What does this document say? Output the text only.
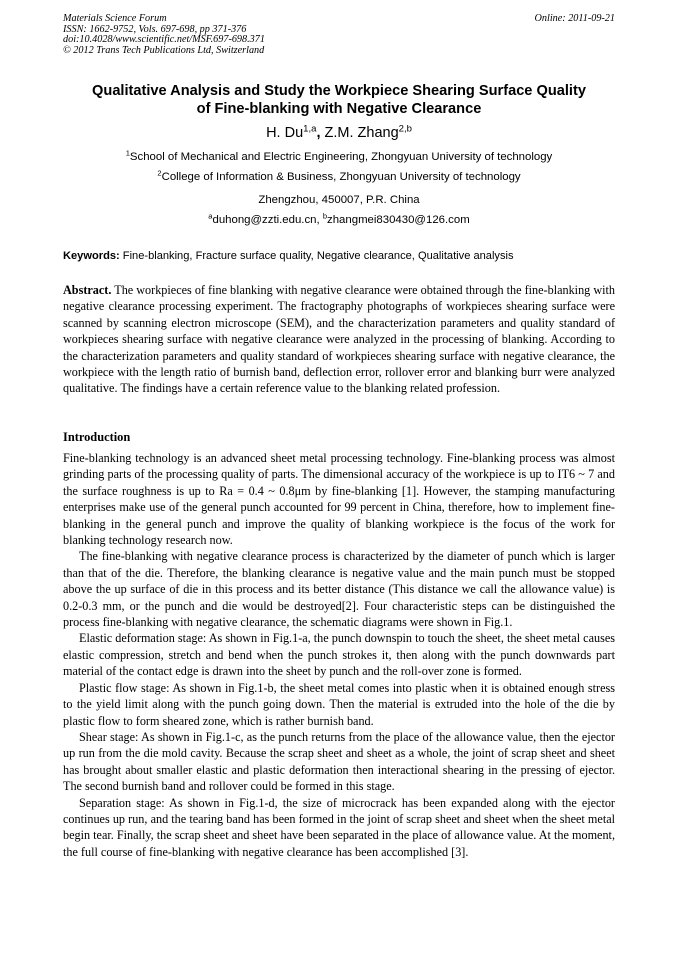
Materials Science Forum
ISSN: 1662-9752, Vols. 697-698, pp 371-376
doi:10.4028/www.scientific.net/MSF.697-698.371
© 2012 Trans Tech Publications Ltd, Switzerland
Online: 2011-09-21
Qualitative Analysis and Study the Workpiece Shearing Surface Quality
of Fine-blanking with Negative Clearance
H. Du$^{1,a}$, Z.M. Zhang$^{2,b}$
$^1$School of Mechanical and Electric Engineering, Zhongyuan University of technology
$^2$College of Information & Business, Zhongyuan University of technology
Zhengzhou, 450007, P.R. China
$^a$duhong@zzti.edu.cn, $^b$zhangmei830430@126.com
Keywords: Fine-blanking, Fracture surface quality, Negative clearance, Qualitative analysis

Abstract. The workpieces of fine blanking with negative clearance were obtained through the fine-blanking with negative clearance processing experiment. The fractography photographs of workpieces shearing surface were scanned by scanning electron microscope (SEM), and the characterization parameters and quality standard of workpieces shearing surface with negative clearance were analyzed in the processing of blanking. According to the characterization parameters and quality standard of workpieces shearing surface with negative clearance, the workpiece with the length ratio of burnish band, deflection error, rollover error and blanking burr were analyzed qualitative. The findings have a certain reference value to the blanking related profession.

Introduction

Fine-blanking technology is an advanced sheet metal processing technology. Fine-blanking process was almost grinding parts of the processing quality of parts. The dimensional accuracy of the workpiece is up to IT6 ~ 7 and the surface roughness is up to Ra = 0.4 ~ 0.8μm by fine-blanking [1]. However, the stamping manufacturing enterprises make use of the general punch accounted for 99 percent in China, therefore, how to implement fine-blanking in the general punch and improve the quality of blanking workpiece is the focus of the work for blanking technology research now.

The fine-blanking with negative clearance process is characterized by the diameter of punch which is larger than that of the die. Therefore, the blanking clearance is negative value and the main punch must be stopped above the up surface of die in this process and its better distance (This distance we call the allowance value) is 0.2-0.3 mm, or the punch and die would be destroyed[2]. Four characteristic steps can be distinguished the process fine-blanking with negative clearance, the schematic diagrams were shown in Fig.1.

Elastic deformation stage: As shown in Fig.1-a, the punch downspin to touch the sheet, the sheet metal causes elastic compression, stretch and bend when the punch strokes it, then along with the punch downwards part material of the contact edge is drawn into the sheet by punch and the roll-over zone is formed.

Plastic flow stage: As shown in Fig.1-b, the sheet metal comes into plastic when it is obtained enough stress to the yield limit along with the punch going down. Then the material is extruded into the hole of the die by plastic flow to form sheared zone, which is rather burnish band.

Shear stage: As shown in Fig.1-c, as the punch returns from the place of the allowance value, then the ejector up run from the die mold cavity. Because the scrap sheet and sheet as a whole, the joint of scrap sheet and sheet has brought about smaller elastic and plastic deformation then interactional shearing in the pressing of ejector. The second burnish band and rollover could be formed in this stage.

Separation stage: As shown in Fig.1-d, the size of microcrack has been expanded along with the ejector continues up run, and the tearing band has been formed in the joint of scrap sheet and sheet when the sheet metal begin tear. Finally, the scrap sheet and sheet have been separated in the place of allowance value. At the moment, the full course of fine-blanking with negative clearance has been accomplished [3].
